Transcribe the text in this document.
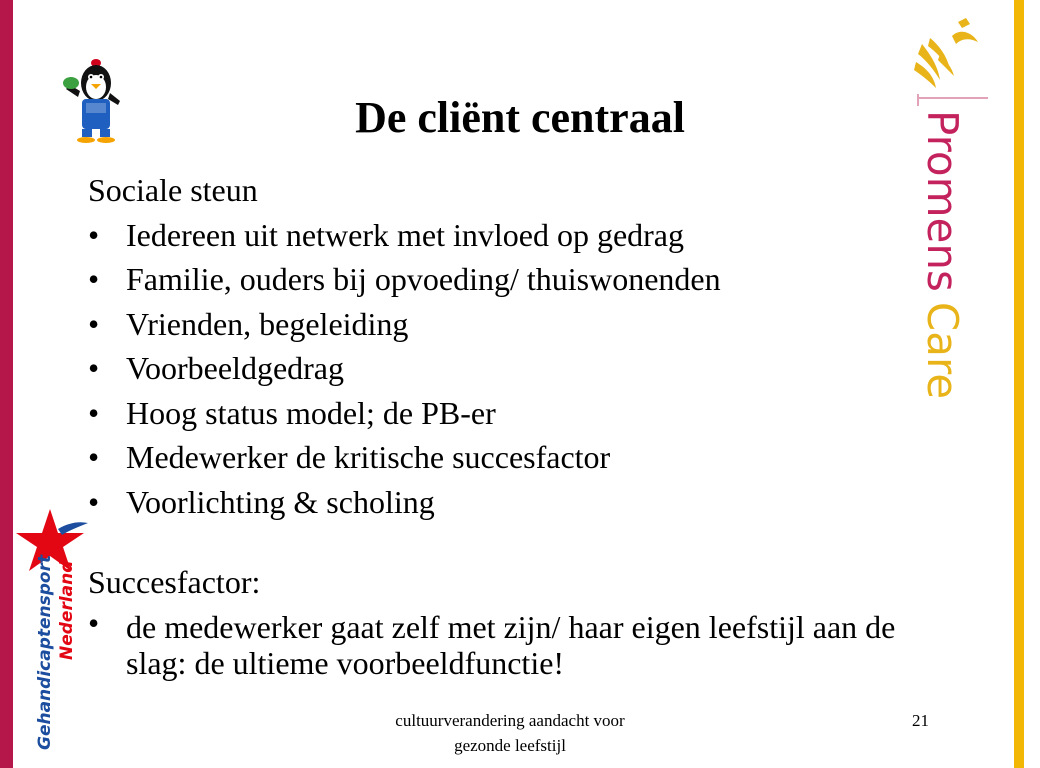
De cliënt centraal

Sociale steun

• Iedereen uit netwerk met invloed op gedrag
• Familie, ouders bij opvoeding/ thuiswonenden
• Vrienden, begeleiding
• Voorbeeldgedrag
• Hoog status model; de PB-er
• Medewerker de kritische succesfactor
• Voorlichting & scholing

Succesfactor:

• de medewerker gaat zelf met zijn/ haar eigen leefstijl aan de slag: de ultieme voorbeeldfunctie!
cultuurverandering aandacht voor
gezonde leefstijl
21
PromensCare
Gehandicaptensport Nederland
